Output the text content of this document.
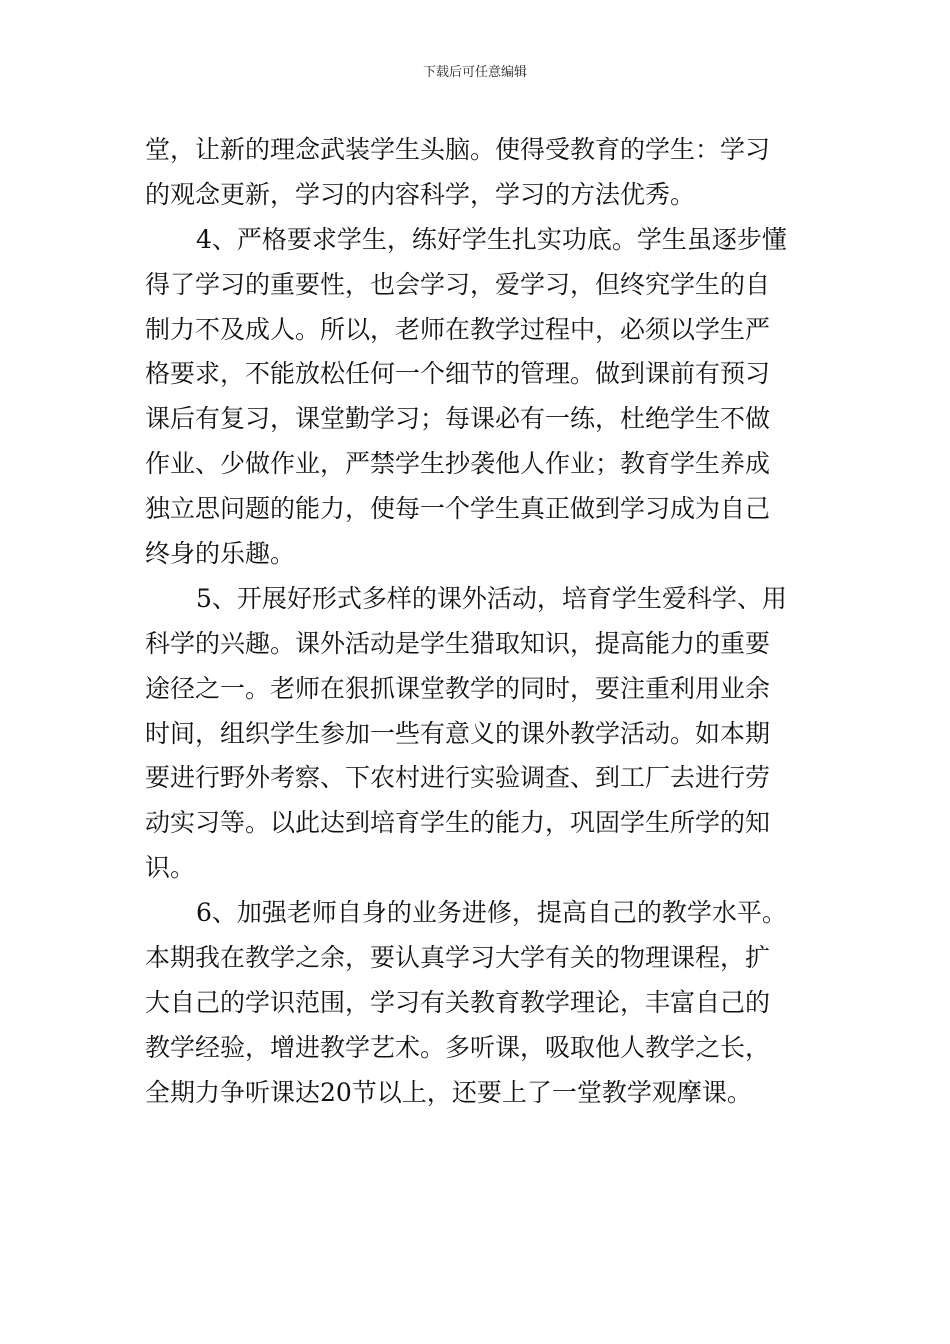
下载后可任意编辑
堂，让新的理念武装学生头脑。使得受教育的学生：学习
的观念更新，学习的内容科学，学习的方法优秀。
4、严格要求学生，练好学生扎实功底。学生虽逐步懂
得了学习的重要性，也会学习，爱学习，但终究学生的自
制力不及成人。所以，老师在教学过程中，必须以学生严
格要求，不能放松任何一个细节的管理。做到课前有预习
课后有复习，课堂勤学习；每课必有一练，杜绝学生不做
作业、少做作业，严禁学生抄袭他人作业；教育学生养成
独立思问题的能力，使每一个学生真正做到学习成为自己
终身的乐趣。
5、开展好形式多样的课外活动，培育学生爱科学、用
科学的兴趣。课外活动是学生猎取知识，提高能力的重要
途径之一。老师在狠抓课堂教学的同时，要注重利用业余
时间，组织学生参加一些有意义的课外教学活动。如本期
要进行野外考察、下农村进行实验调查、到工厂去进行劳
动实习等。以此达到培育学生的能力，巩固学生所学的知
识。
6、加强老师自身的业务进修，提高自己的教学水平。
本期我在教学之余，要认真学习大学有关的物理课程，扩
大自己的学识范围，学习有关教育教学理论，丰富自己的
教学经验，增进教学艺术。多听课，吸取他人教学之长，
全期力争听课达20节以上，还要上了一堂教学观摩课。
